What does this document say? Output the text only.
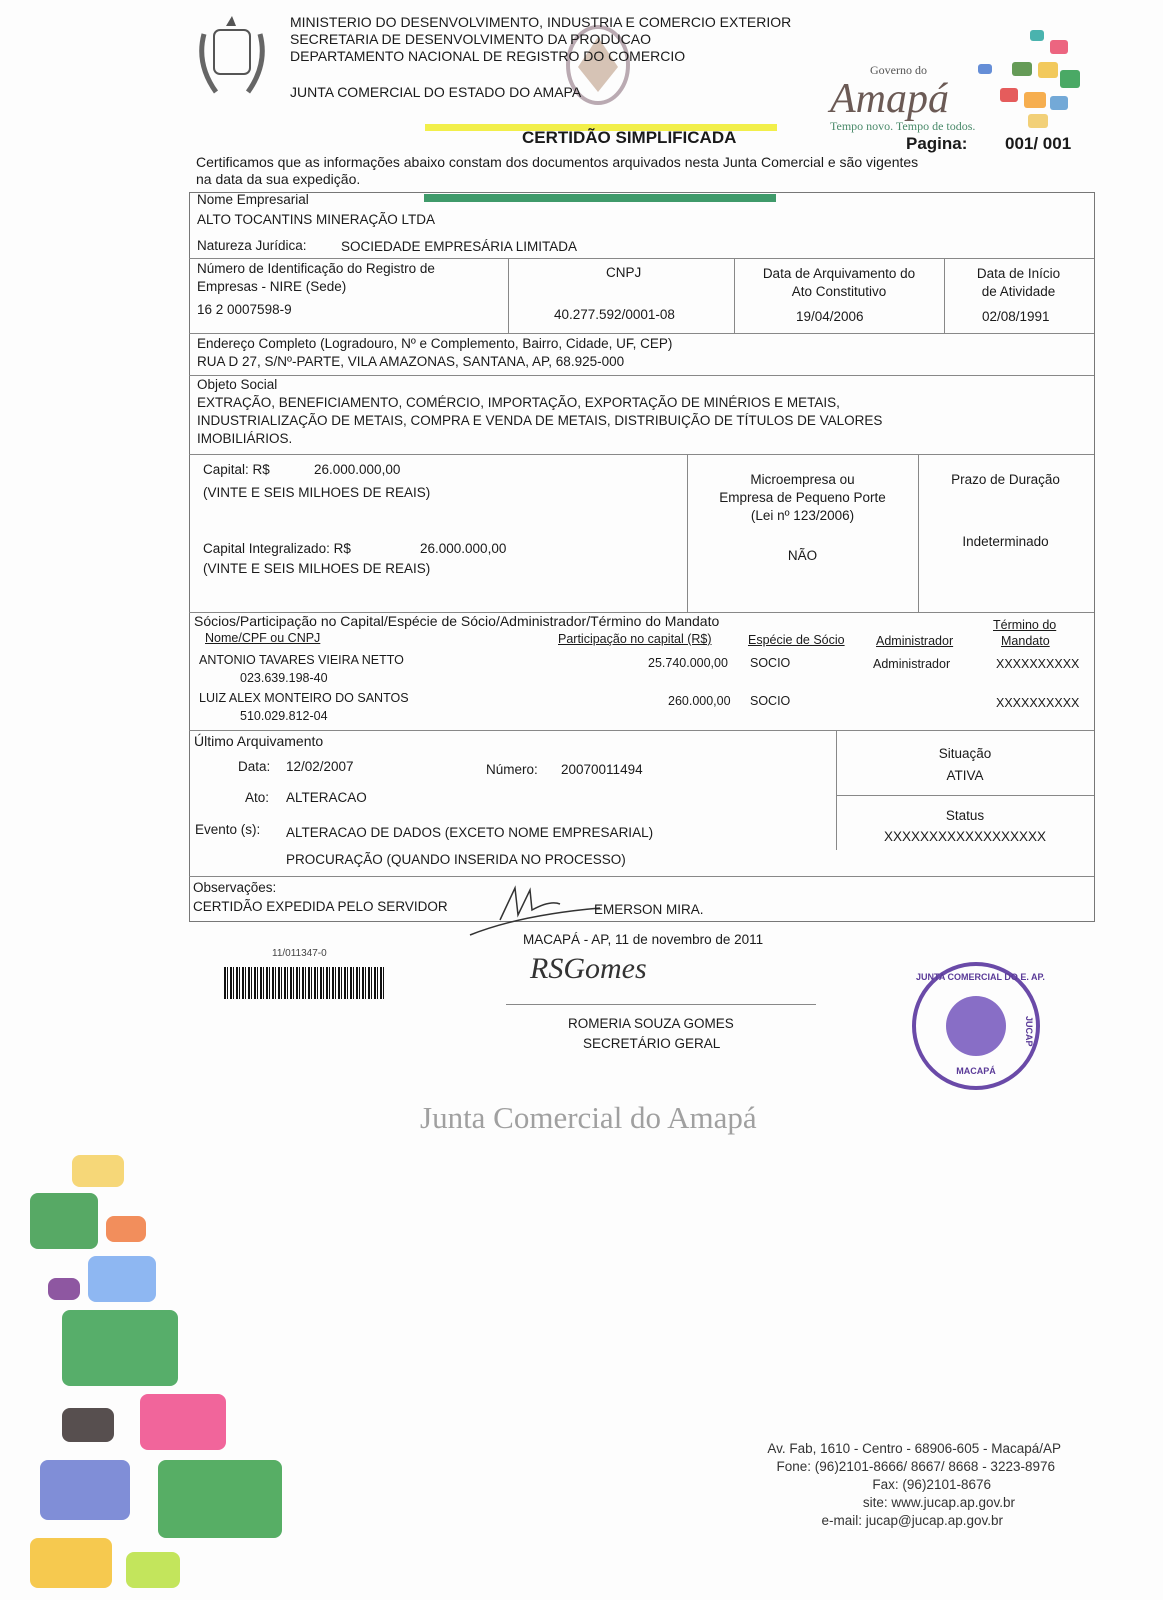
MINISTERIO DO DESENVOLVIMENTO, INDUSTRIA E COMERCIO EXTERIOR
SECRETARIA DE DESENVOLVIMENTO DA PRODUCAO
DEPARTAMENTO NACIONAL DE REGISTRO DO COMERCIO
JUNTA COMERCIAL DO ESTADO DO AMAPA
Governo do
Amapá
Tempo novo. Tempo de todos.
CERTIDÃO SIMPLIFICADA	Pagina: 001/ 001
Certificamos que as informações abaixo constam dos documentos arquivados nesta Junta Comercial e são vigentes
na data da sua expedição.
Nome Empresarial
ALTO TOCANTINS MINERAÇÃO LTDA
Natureza Jurídica:	SOCIEDADE EMPRESÁRIA LIMITADA
Número de Identificação do Registro de
Empresas - NIRE (Sede)
16 2 0007598-9
CNPJ
40.277.592/0001-08
Data de Arquivamento do
Ato Constitutivo
19/04/2006
Data de Início
de Atividade
02/08/1991
Endereço Completo (Logradouro, Nº e Complemento, Bairro, Cidade, UF, CEP)
RUA D 27, S/Nº-PARTE, VILA AMAZONAS, SANTANA, AP, 68.925-000
Objeto Social
EXTRAÇÃO, BENEFICIAMENTO, COMÉRCIO, IMPORTAÇÃO, EXPORTAÇÃO DE MINÉRIOS E METAIS,
INDUSTRIALIZAÇÃO DE METAIS, COMPRA E VENDA DE METAIS, DISTRIBUIÇÃO DE TÍTULOS DE VALORES
IMOBILIÁRIOS.
Capital: R$	26.000.000,00
(VINTE E SEIS MILHOES DE REAIS)
Capital Integralizado: R$	26.000.000,00
(VINTE E SEIS MILHOES DE REAIS)
Microempresa ou
Empresa de Pequeno Porte
(Lei nº 123/2006)
NÃO
Prazo de Duração
Indeterminado
Sócios/Participação no Capital/Espécie de Sócio/Administrador/Término do Mandato
Nome/CPF ou CNPJ	Participação no capital (R$)	Espécie de Sócio	Administrador
Término do
Mandato
ANTONIO TAVARES VIEIRA NETTO
023.639.198-40
25.740.000,00 SOCIO	Administrador	XXXXXXXXXX
LUIZ ALEX MONTEIRO DO SANTOS
510.029.812-04
260.000,00 SOCIO	XXXXXXXXXX
Último Arquivamento
Data: 12/02/2007	Número: 20070011494
Ato: ALTERACAO
Evento (s): ALTERACAO DE DADOS (EXCETO NOME EMPRESARIAL)
PROCURAÇÃO (QUANDO INSERIDA NO PROCESSO)
Situação
ATIVA
Status
XXXXXXXXXXXXXXXXXX
Observações:
CERTIDÃO EXPEDIDA PELO SERVIDOR	EMERSON MIRA.
MACAPÁ - AP, 11 de novembro de 2011
11/011347-0	RSGomes
ROMERIA SOUZA GOMES
SECRETÁRIO GERAL
Junta Comercial do Amapá
JUNTA COMERCIAL DO E. AP.
JUCAP
MACAPÁ
Av. Fab, 1610 - Centro - 68906-605 - Macapá/AP
Fone: (96)2101-8666/ 8667/ 8668 - 3223-8976
Fax: (96)2101-8676
site: www.jucap.ap.gov.br
e-mail: jucap@jucap.ap.gov.br
